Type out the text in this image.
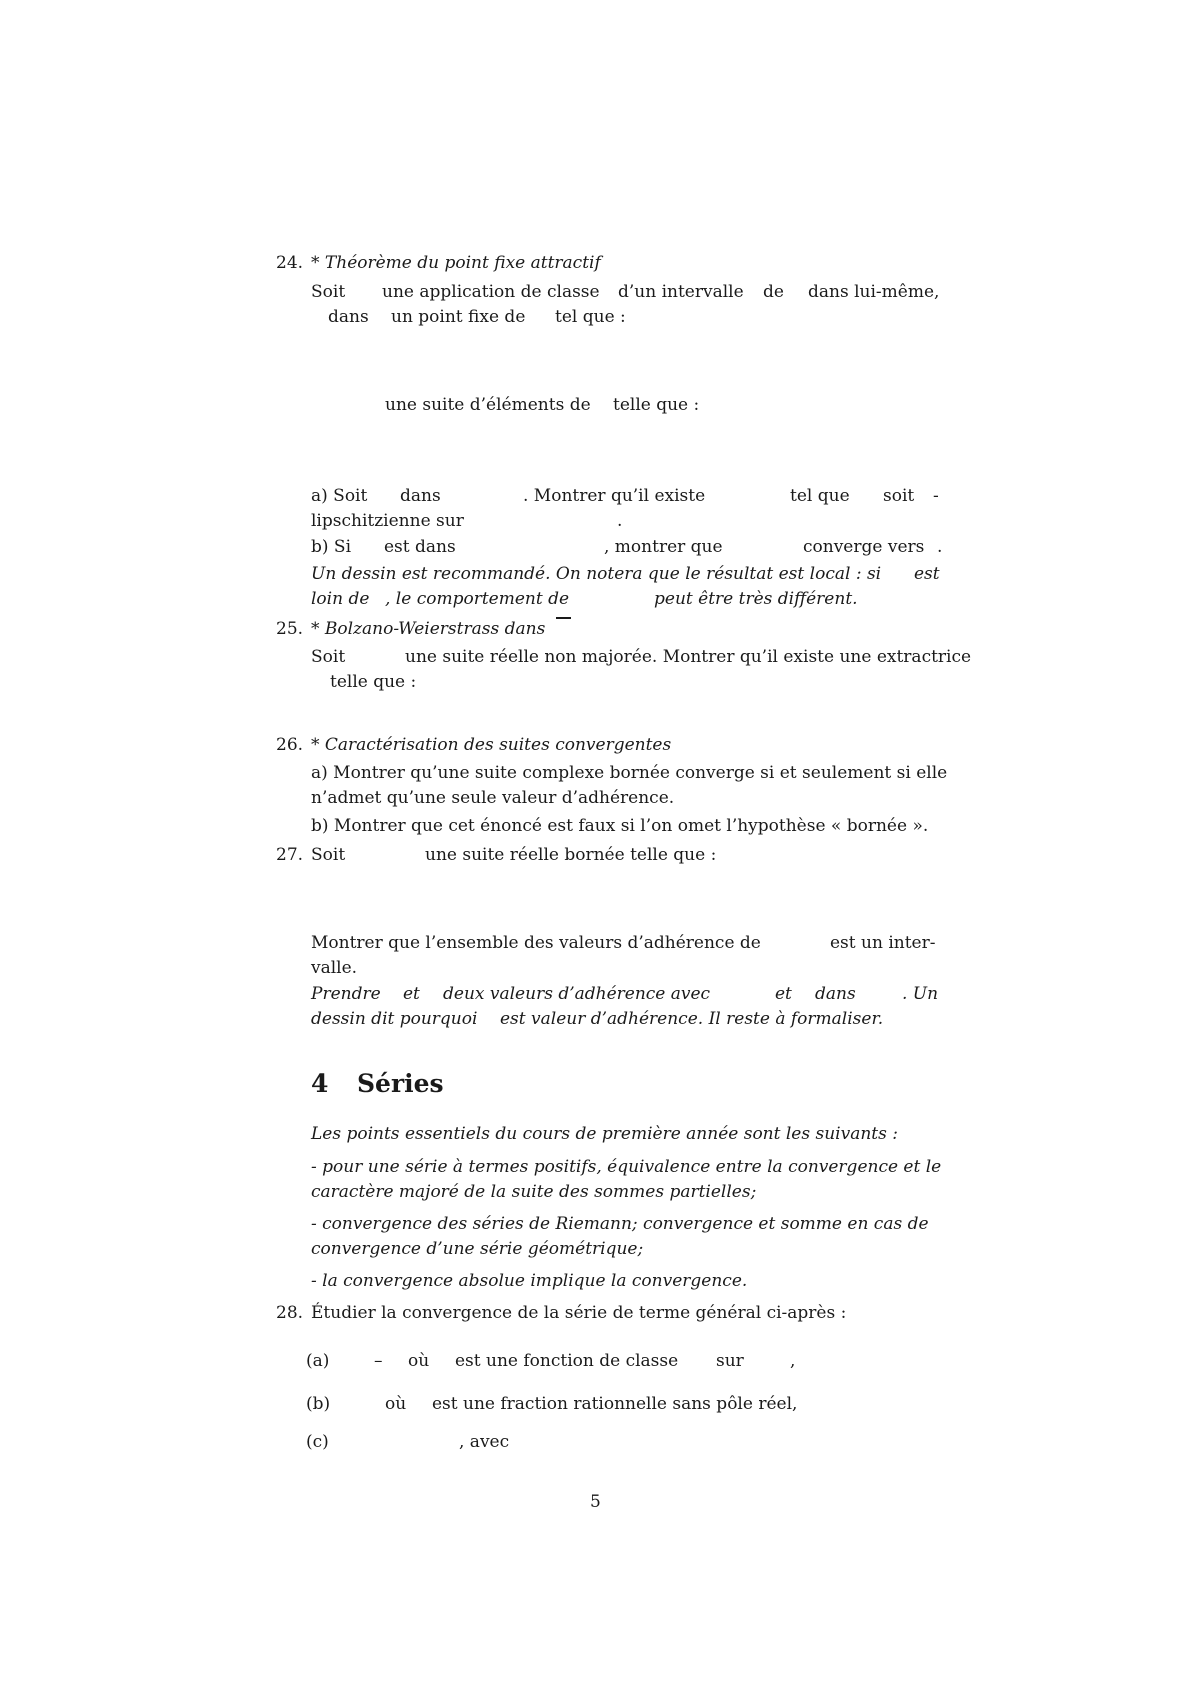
24. * Théorème du point fixe attractif
Soit une application de classe d’un intervalle de dans lui-même,
dans un point fixe de tel que :
une suite d’éléments de telle que :
a) Soit dans	. Montrer qu’il existe	tel que soit -
lipschitzienne sur	.
b) Si est dans	, montrer que	converge vers .
Un dessin est recommandé. On notera que le résultat est local : si est
loin de , le comportement de	peut être très différent.
25. * Bolzano-Weierstrass dans
Soit	une suite réelle non majorée. Montrer qu’il existe une extractrice
telle que :
26. * Caractérisation des suites convergentes
a) Montrer qu’une suite complexe bornée converge si et seulement si elle
n’admet qu’une seule valeur d’adhérence.
b) Montrer que cet énoncé est faux si l’on omet l’hypothèse « bornée ».
27. Soit	une suite réelle bornée telle que :
Montrer que l’ensemble des valeurs d’adhérence de	est un inter-
valle.
Prendre et deux valeurs d’adhérence avec	et dans	. Un
dessin dit pourquoi est valeur d’adhérence. Il reste à formaliser.
4 Séries
Les points essentiels du cours de première année sont les suivants :
- pour une série à termes positifs, équivalence entre la convergence et le
caractère majoré de la suite des sommes partielles;
- convergence des séries de Riemann; convergence et somme en cas de
convergence d’une série géométrique;
- la convergence absolue implique la convergence.
28. Étudier la convergence de la série de terme général ci-après :
(a)	– où est une fonction de classe sur	,
(b)	où est une fraction rationnelle sans pôle réel,
(c)	, avec
5
